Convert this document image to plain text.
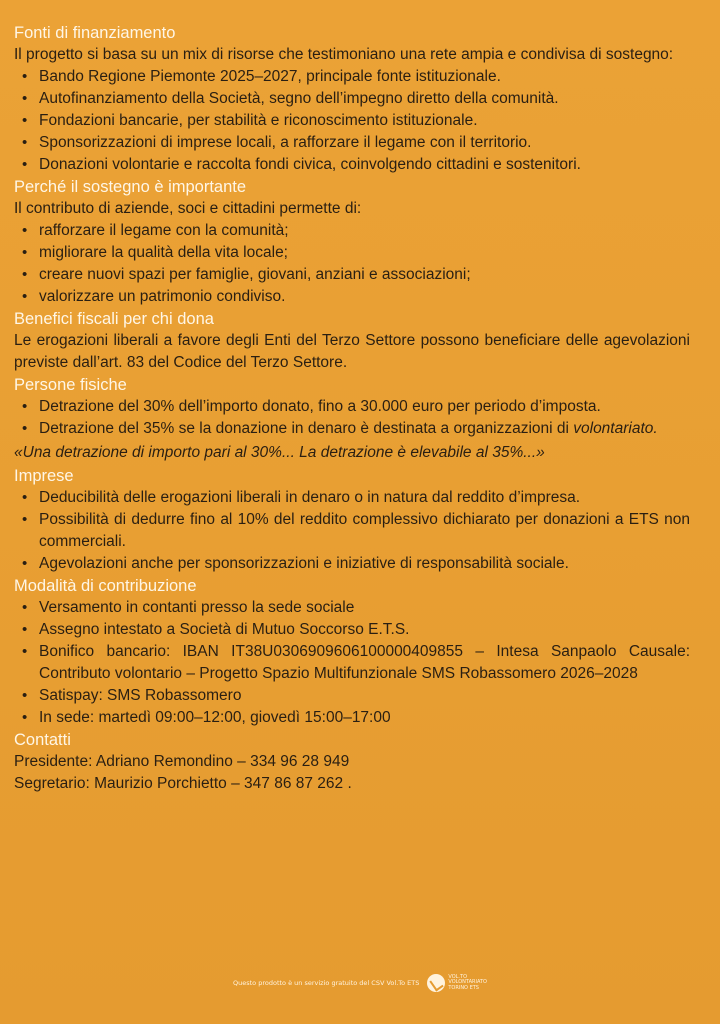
Fonti di finanziamento

Il progetto si basa su un mix di risorse che testimoniano una rete ampia e condivisa di sostegno:

• Bando Regione Piemonte 2025–2027, principale fonte istituzionale.
• Autofinanziamento della Società, segno dell’impegno diretto della comunità.
• Fondazioni bancarie, per stabilità e riconoscimento istituzionale.
• Sponsorizzazioni di imprese locali, a rafforzare il legame con il territorio.
• Donazioni volontarie e raccolta fondi civica, coinvolgendo cittadini e sostenitori.
Perché il sostegno è importante

Il contributo di aziende, soci e cittadini permette di:

• rafforzare il legame con la comunità;
• migliorare la qualità della vita locale;
• creare nuovi spazi per famiglie, giovani, anziani e associazioni;
• valorizzare un patrimonio condiviso.
Benefici fiscali per chi dona

Le erogazioni liberali a favore degli Enti del Terzo Settore possono beneficiare delle agevolazioni previste dall’art. 83 del Codice del Terzo Settore.

Persone fisiche
• Detrazione del 30% dell’importo donato, fino a 30.000 euro per periodo d’imposta.
• Detrazione del 35% se la donazione in denaro è destinata a organizzazioni di volontariato.

«Una detrazione di importo pari al 30%... La detrazione è elevabile al 35%...»

Imprese
• Deducibilità delle erogazioni liberali in denaro o in natura dal reddito d’impresa.
• Possibilità di dedurre fino al 10% del reddito complessivo dichiarato per donazioni a ETS non commerciali.
• Agevolazioni anche per sponsorizzazioni e iniziative di responsabilità sociale.
Modalità di contribuzione
• Versamento in contanti presso la sede sociale
• Assegno intestato a Società di Mutuo Soccorso E.T.S.
• Bonifico bancario: IBAN IT38U0306909606100000409855 – Intesa Sanpaolo Causale: Contributo volontario – Progetto Spazio Multifunzionale SMS Robassomero 2026–2028
• Satispay: SMS Robassomero
• In sede: martedì 09:00–12:00, giovedì 15:00–17:00
Contatti

Presidente: Adriano Remondino – 334 96 28 949

Segretario: Maurizio Porchietto – 347 86 87 262 .

Questo prodotto è un servizio gratuito del CSV Vol.To ETS
VOL.TO
VOLONTARIATO
TORINO ETS
